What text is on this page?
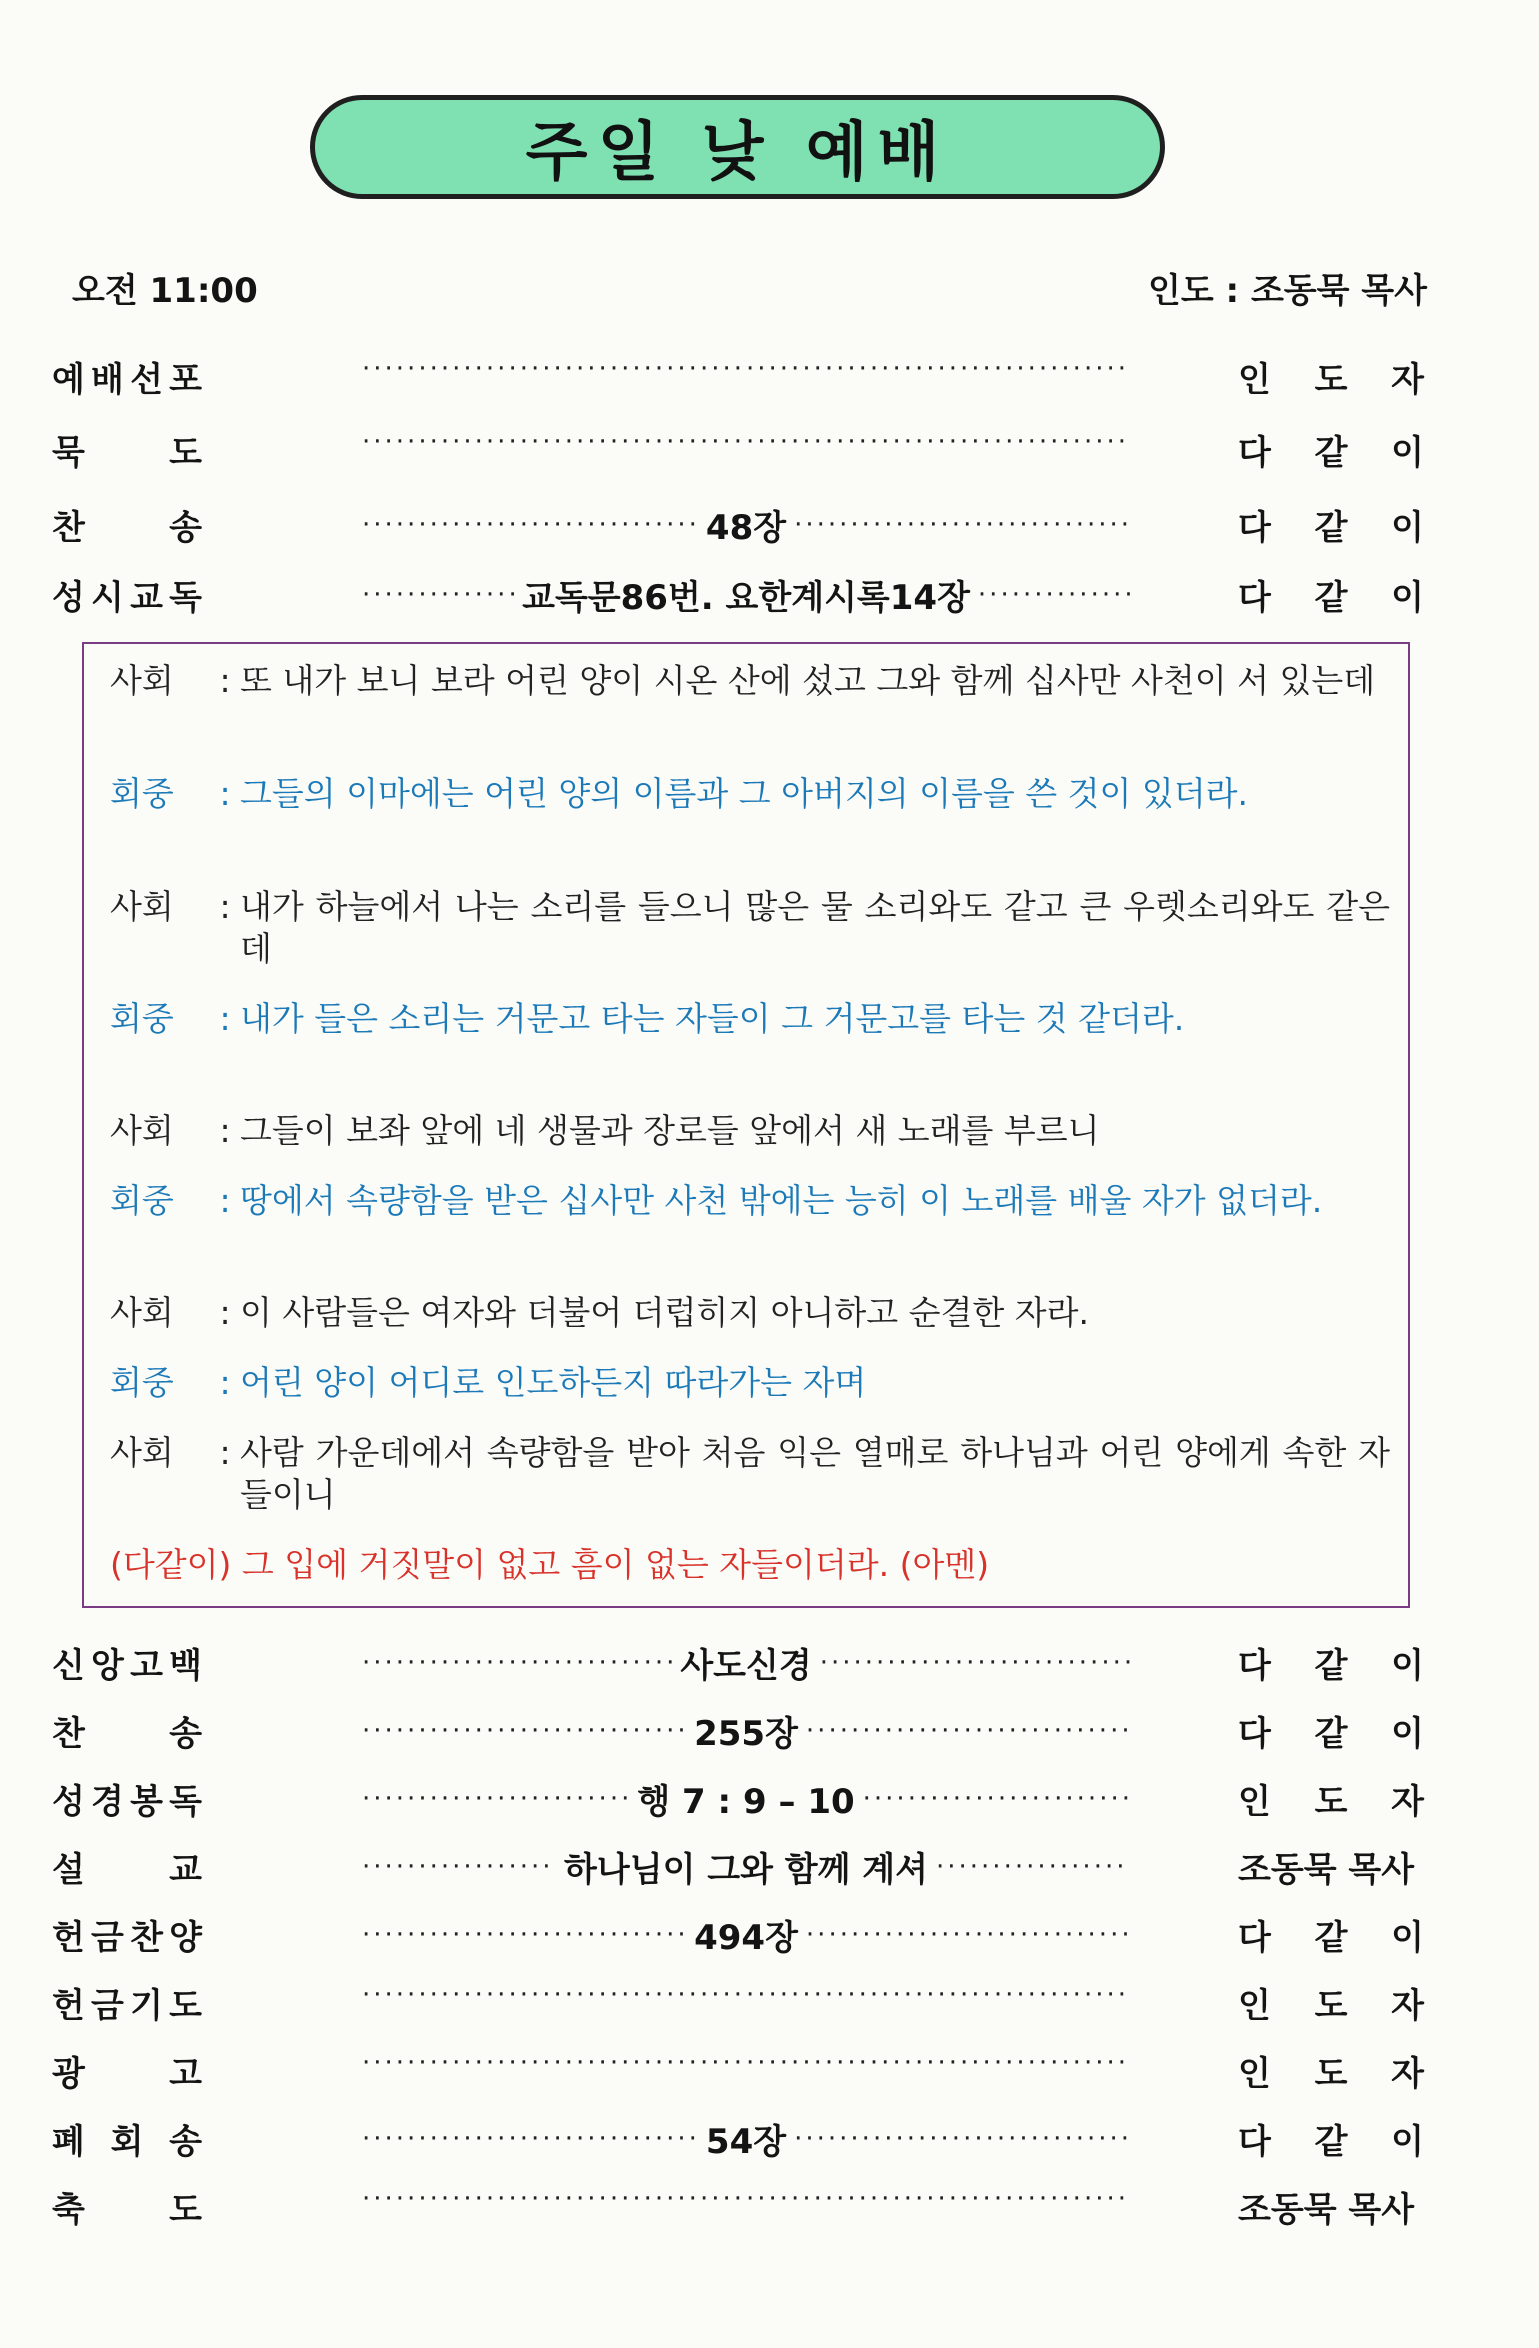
주일 낮 예배
오전 11:00	인도 : 조동묵 목사
예 배 선 포 ····· ·····	인 도 자
묵 도 ····· ·····	다 같 이
찬 송 ·····	48장 ·····	다 같 이
성 시 교 독 ·····	교독문86번. 요한계시록14장 ·····	다 같 이
사회	: 또 내가 보니 보라 어린 양이 시온 산에 섰고 그와 함께 십사만 사천이 서 있는데
회중	: 그들의 이마에는 어린 양의 이름과 그 아버지의 이름을 쓴 것이 있더라.
사회	: 내가 하늘에서 나는 소리를 들으니 많은 물 소리와도 같고 큰 우렛소리와도 같은데
회중	: 내가 들은 소리는 거문고 타는 자들이 그 거문고를 타는 것 같더라.
사회	: 그들이 보좌 앞에 네 생물과 장로들 앞에서 새 노래를 부르니
회중	: 땅에서 속량함을 받은 십사만 사천 밖에는 능히 이 노래를 배울 자가 없더라.
사회	: 이 사람들은 여자와 더불어 더럽히지 아니하고 순결한 자라.
회중	: 어린 양이 어디로 인도하든지 따라가는 자며
사회	: 사람 가운데에서 속량함을 받아 처음 익은 열매로 하나님과 어린 양에게 속한 자들이니
(다같이) 그 입에 거짓말이 없고 흠이 없는 자들이더라. (아멘)
신 앙 고 백 ·····	사도신경 ·····	다 같 이
찬 송 ·····	255장 ·····	다 같 이
성 경 봉 독 ·····	행 7 : 9 – 10 ·····	인 도 자
설 교 ·····	하나님이 그와 함께 계셔 ·····	조동묵 목사
헌 금 찬 양 ·····	494장 ·····	다 같 이
헌 금 기 도 ····· ·····	인 도 자
광 고 ····· ·····	인 도 자
폐 회 송 ·····	54장 ·····	다 같 이
축 도 ····· ·····	조동묵 목사
